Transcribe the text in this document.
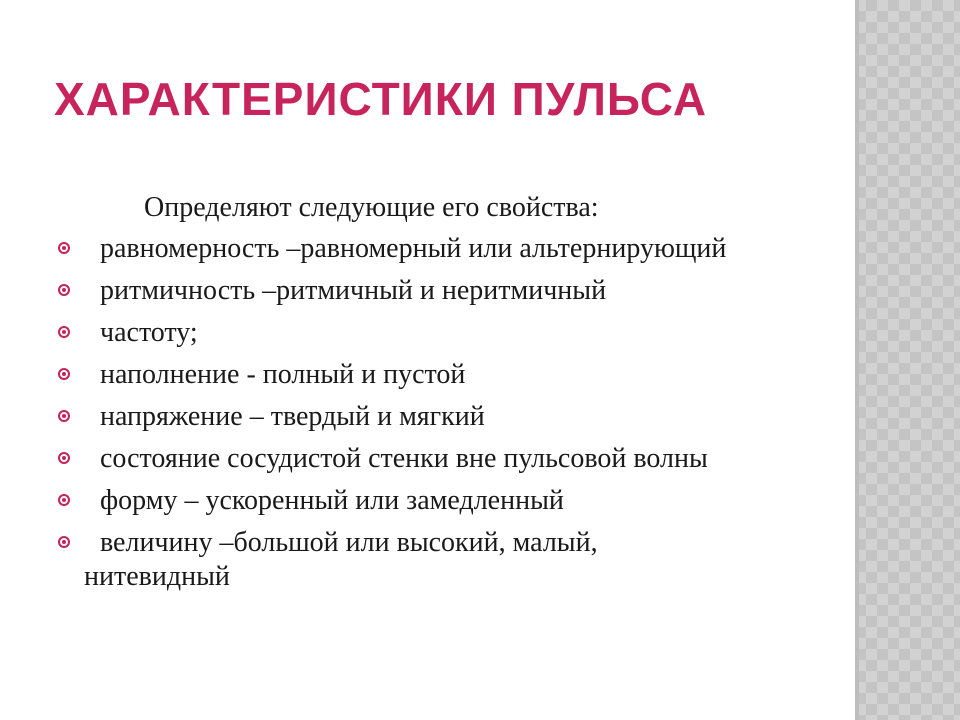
ХАРАКТЕРИСТИКИ ПУЛЬСА
Определяют следующие его свойства:
равномерность –равномерный или альтернирующий
ритмичность –ритмичный и неритмичный
частоту;
наполнение - полный и пустой
напряжение – твердый и мягкий
состояние сосудистой стенки вне пульсовой волны
форму – ускоренный или замедленный
величину –большой или высокий, малый, нитевидный
